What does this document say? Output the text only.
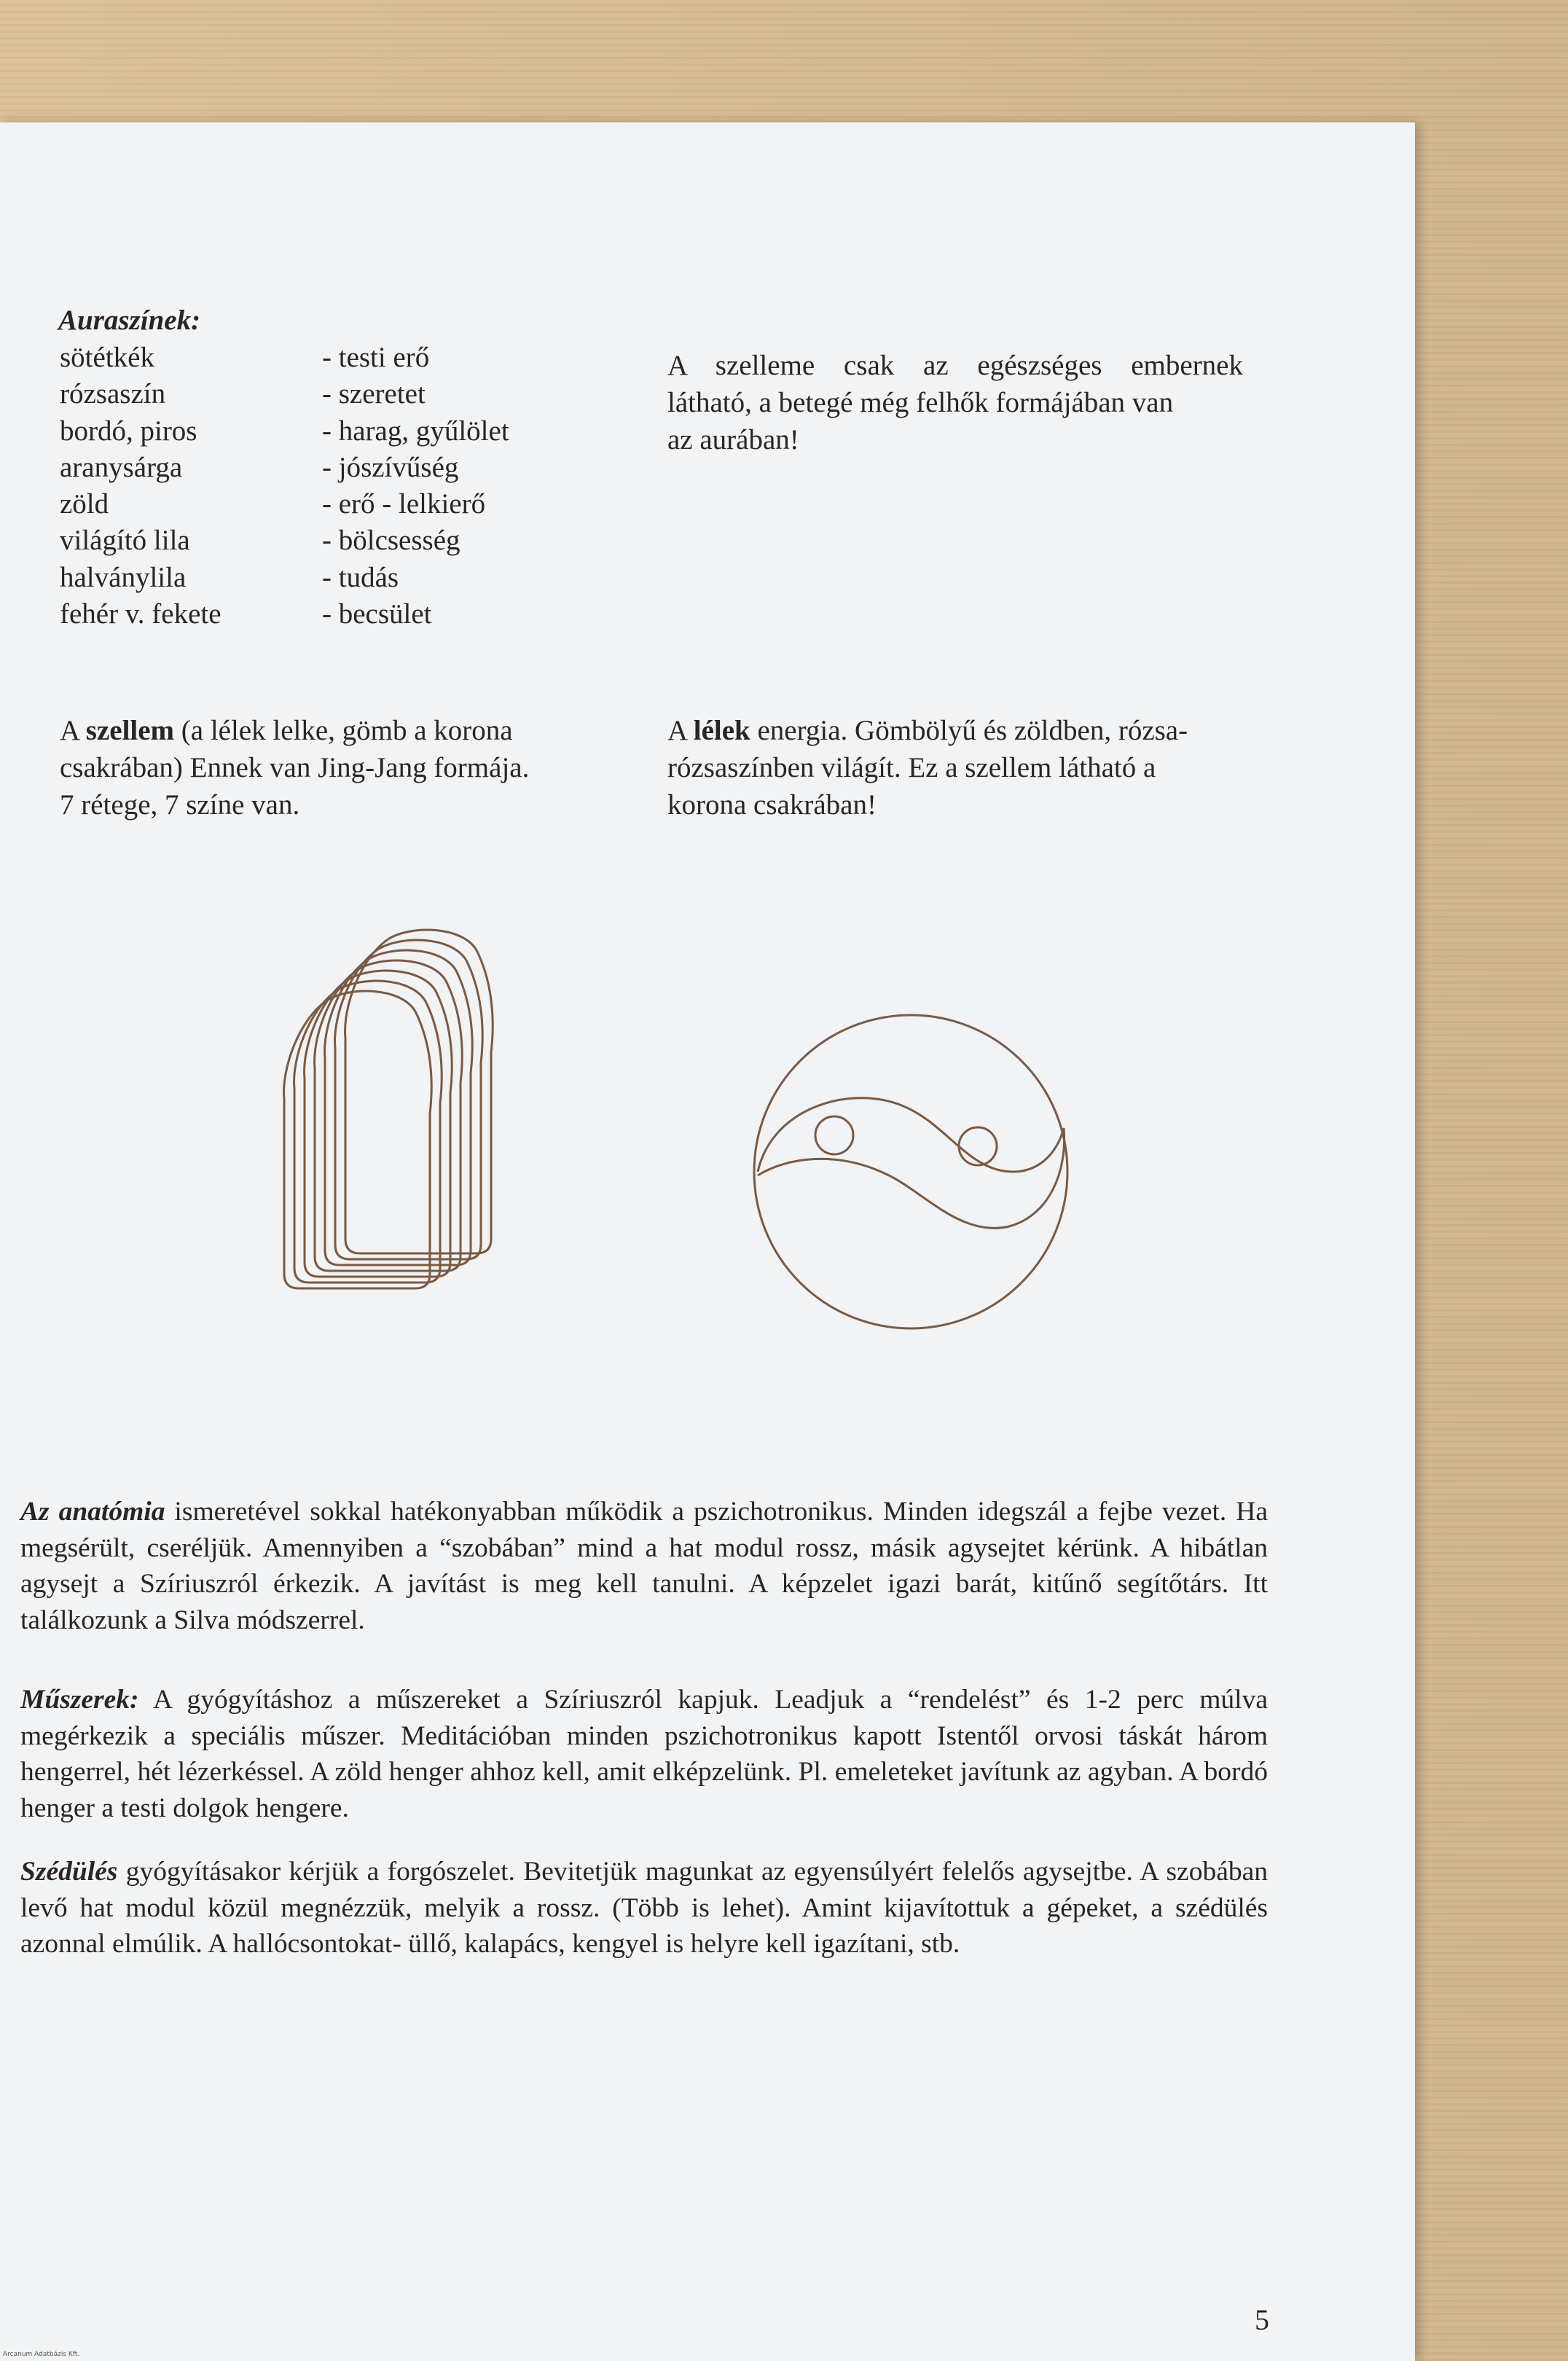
Auraszínek:
sötétkék
rózsaszín
bordó, piros
aranysárga
zöld
világító lila
halványlila
fehér v. fekete
- testi erő
- szeretet
- harag, gyűlölet
- jószívűség
- erő - lelkierő
- bölcsesség
- tudás
- becsület
A szelleme csak az egészséges embernek
látható, a betegé még felhők formájában van
az aurában!
A szellem (a lélek lelke, gömb a korona
csakrában) Ennek van Jing-Jang formája.
7 rétege, 7 színe van.
A lélek energia. Gömbölyű és zöldben, rózsa-
rózsaszínben világít. Ez a szellem látható a
korona csakrában!
Az anatómia ismeretével sokkal hatékonyabban működik a pszichotronikus. Minden idegszál a fejbe vezet. Ha megsérült, cseréljük. Amennyiben a “szobában” mind a hat modul rossz, másik agysejtet kérünk. A hibátlan agysejt a Szíriuszról érkezik. A javítást is meg kell tanulni. A képzelet igazi barát, kitűnő segítőtárs. Itt találkozunk a Silva módszerrel.
Műszerek: A gyógyításhoz a műszereket a Szíriuszról kapjuk. Leadjuk a “rendelést” és 1-2 perc múlva megérkezik a speciális műszer. Meditációban minden pszichotronikus kapott Istentől orvosi táskát három hengerrel, hét lézerkéssel. A zöld henger ahhoz kell, amit elképzelünk. Pl. emeleteket javítunk az agyban. A bordó henger a testi dolgok hengere.
Szédülés gyógyításakor kérjük a forgószelet. Bevitetjük magunkat az egyensúlyért felelős agysejtbe. A szobában levő hat modul közül megnézzük, melyik a rossz. (Több is lehet). Amint kijavítottuk a gépeket, a szédülés azonnal elmúlik. A hallócsontokat- üllő, kalapács, kengyel is helyre kell igazítani, stb.
5
Arcanum Adatbázis Kft.
